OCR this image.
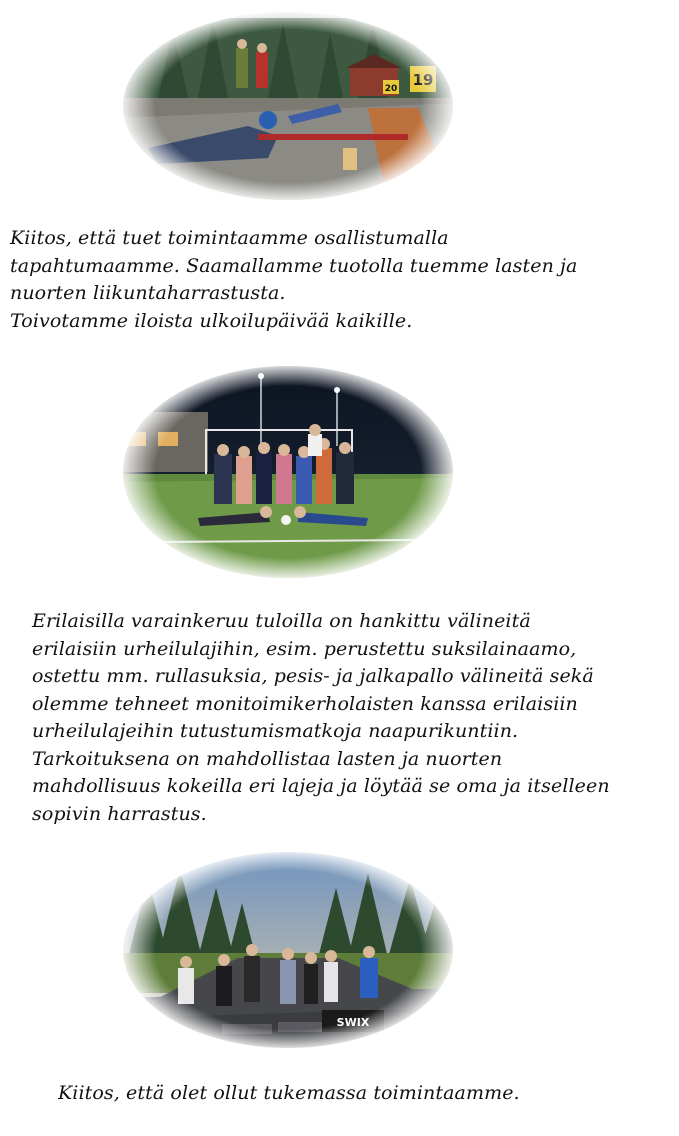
Kiitos, että tuet toimintaamme osallistumalla
tapahtumaamme. Saamallamme tuotolla tuemme lasten ja
nuorten liikuntaharrastusta.
Toivotamme iloista ulkoilupäivää kaikille.

Erilaisilla varainkeruu tuloilla on hankittu välineitä
erilaisiin urheilulajihin, esim. perustettu suksilainaamo,
ostettu mm. rullasuksia, pesis- ja jalkapallo välineitä sekä
olemme tehneet monitoimikerholaisten kanssa erilaisiin
urheilulajeihin tutustumismatkoja naapurikuntiin.
Tarkoituksena on mahdollistaa lasten ja nuorten
mahdollisuus kokeilla eri lajeja ja löytää se oma ja itselleen
sopivin harrastus.

Kiitos, että olet ollut tukemassa toimintaamme.
